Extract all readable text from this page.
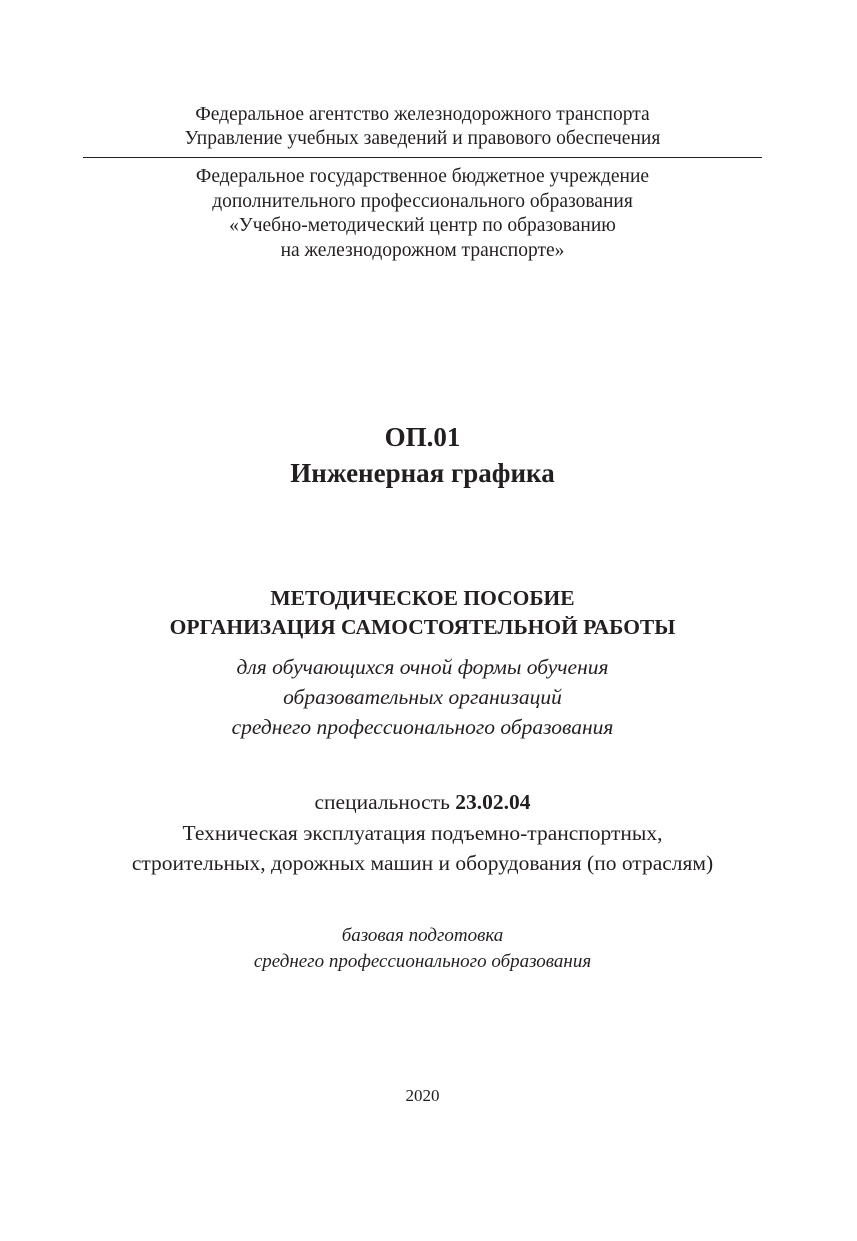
Федеральное агентство железнодорожного транспорта
Управление учебных заведений и правового обеспечения
Федеральное государственное бюджетное учреждение
дополнительного профессионального образования
«Учебно-методический центр по образованию
на железнодорожном транспорте»
ОП.01
Инженерная графика
МЕТОДИЧЕСКОЕ ПОСОБИЕ
ОРГАНИЗАЦИЯ САМОСТОЯТЕЛЬНОЙ РАБОТЫ
для обучающихся очной формы обучения
образовательных организаций
среднего профессионального образования
специальность 23.02.04
Техническая эксплуатация подъемно-транспортных,
строительных, дорожных машин и оборудования (по отраслям)
базовая подготовка
среднего профессионального образования
2020
